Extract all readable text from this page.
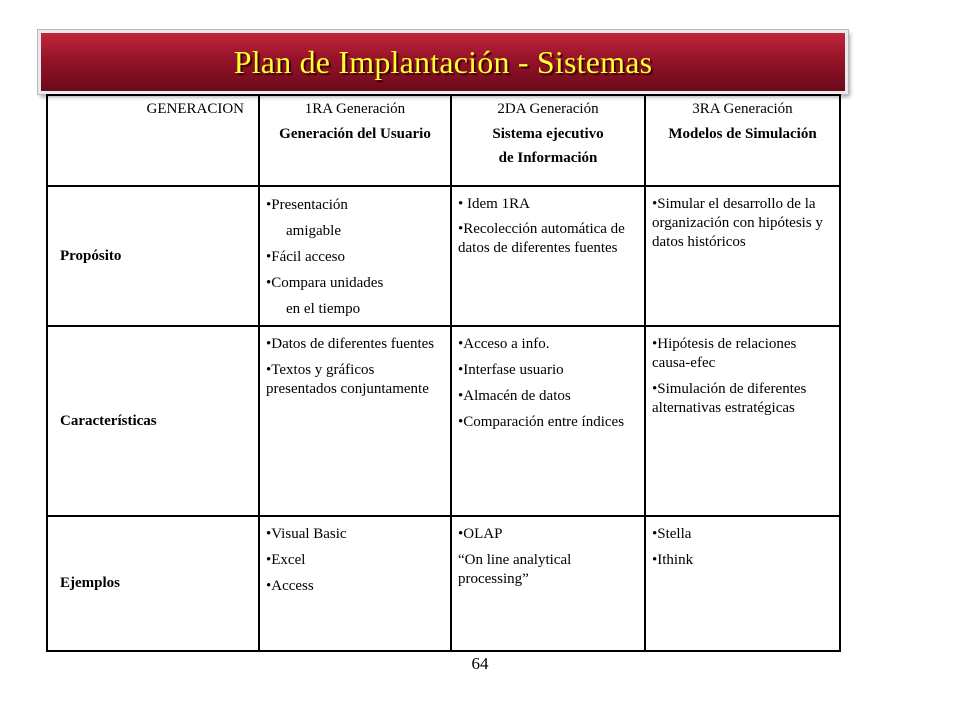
Plan de Implantación - Sistemas
GENERACION	1RA Generación
Generación del Usuario
2DA Generación
Sistema ejecutivo
de Información
3RA Generación
Modelos de Simulación
Propósito
•Presentación
amigable
•Fácil acceso
•Compara unidades
en el tiempo
• Idem 1RA
•Recolección automática de datos de diferentes fuentes
•Simular el desarrollo de la organización con hipótesis y datos históricos
Características
•Datos de diferentes fuentes
•Textos y gráficos presentados conjuntamente
•Acceso a info.
•Interfase usuario
•Almacén de datos
•Comparación entre índices
•Hipótesis de relaciones causa-efec
•Simulación de diferentes alternativas estratégicas
Ejemplos
•Visual Basic
•Excel
•Access
•OLAP
“On line analytical processing”
•Stella
•Ithink
64
